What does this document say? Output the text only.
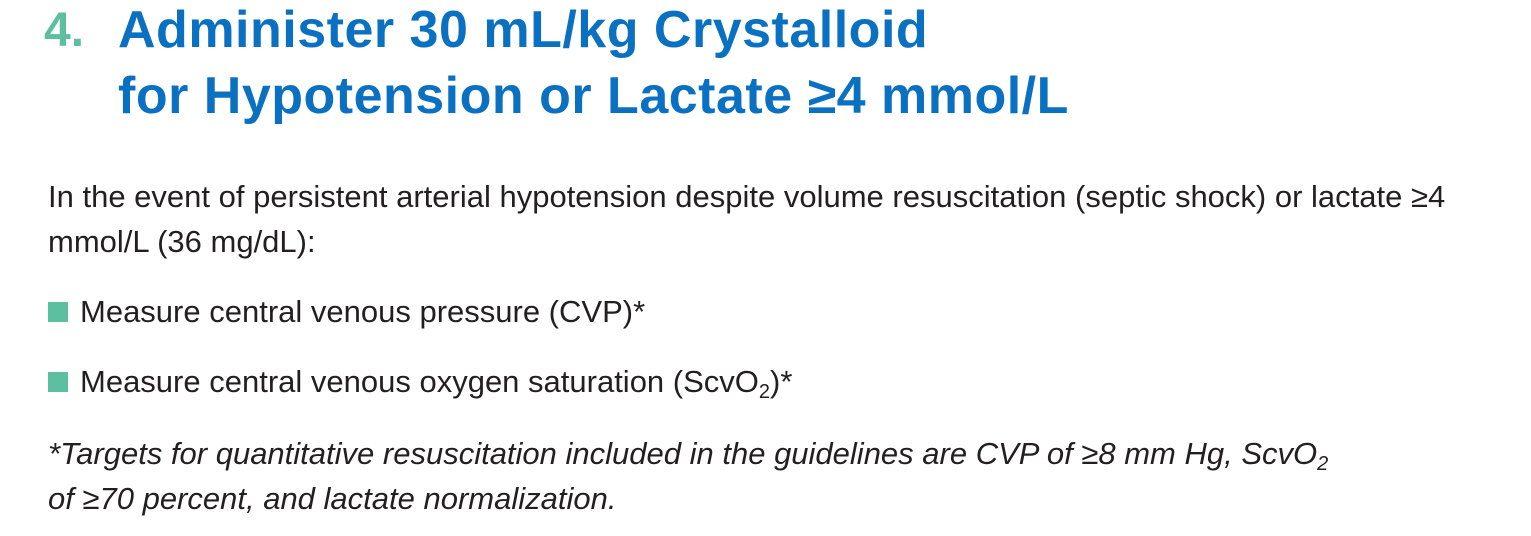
4. Administer 30 mL/kg Crystalloid
for Hypotension or Lactate ≥4 mmol/L

In the event of persistent arterial hypotension despite volume resuscitation (septic shock) or lactate ≥4 mmol/L (36 mg/dL):

Measure central venous pressure (CVP)*
Measure central venous oxygen saturation (ScvO$_2$)*
*Targets for quantitative resuscitation included in the guidelines are CVP of ≥8 mm Hg, ScvO$_2$
of ≥70 percent, and lactate normalization.
